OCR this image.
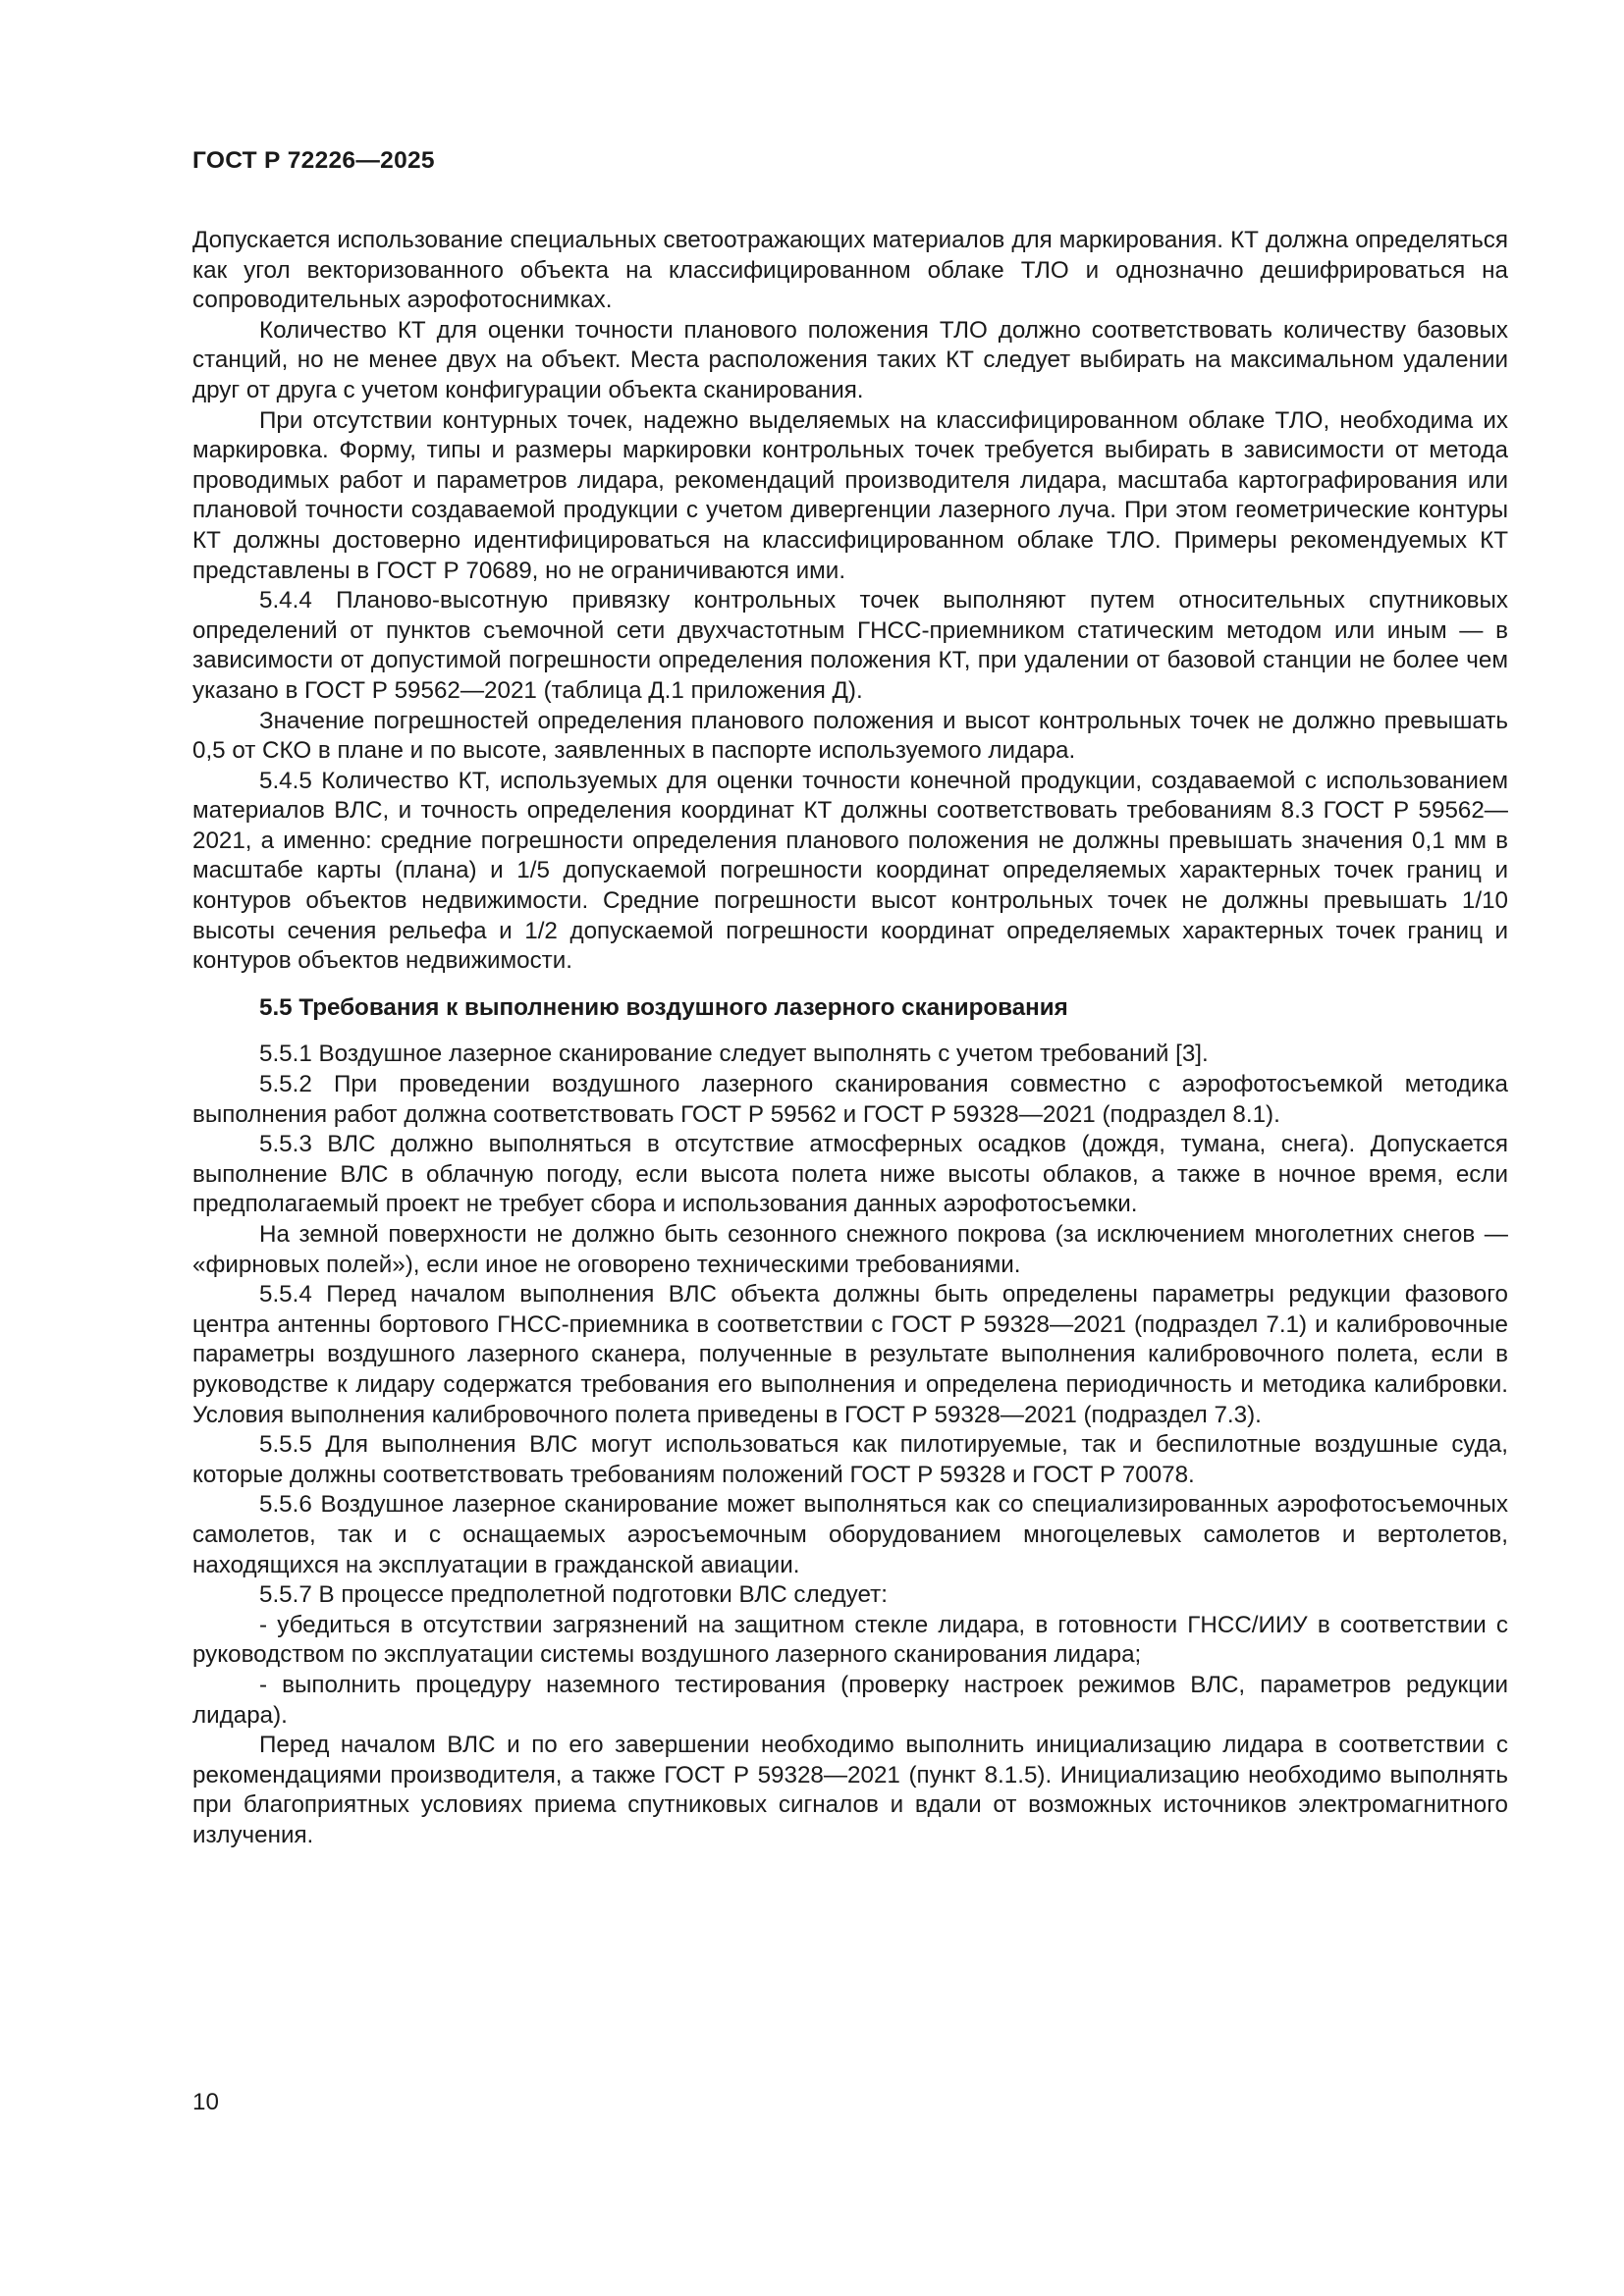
ГОСТ Р 72226—2025

Допускается использование специальных светоотражающих материалов для маркирования. КТ должна определяться как угол векторизованного объекта на классифицированном облаке ТЛО и однозначно дешифрироваться на сопроводительных аэрофотоснимках.

Количество КТ для оценки точности планового положения ТЛО должно соответствовать количеству базовых станций, но не менее двух на объект. Места расположения таких КТ следует выбирать на максимальном удалении друг от друга с учетом конфигурации объекта сканирования.

При отсутствии контурных точек, надежно выделяемых на классифицированном облаке ТЛО, необходима их маркировка. Форму, типы и размеры маркировки контрольных точек требуется выбирать в зависимости от метода проводимых работ и параметров лидара, рекомендаций производителя лидара, масштаба картографирования или плановой точности создаваемой продукции с учетом дивергенции лазерного луча. При этом геометрические контуры КТ должны достоверно идентифицироваться на классифицированном облаке ТЛО. Примеры рекомендуемых КТ представлены в ГОСТ Р 70689, но не ограничиваются ими.

5.4.4 Планово-высотную привязку контрольных точек выполняют путем относительных спутниковых определений от пунктов съемочной сети двухчастотным ГНСС-приемником статическим методом или иным — в зависимости от допустимой погрешности определения положения КТ, при удалении от базовой станции не более чем указано в ГОСТ Р 59562—2021 (таблица Д.1 приложения Д).

Значение погрешностей определения планового положения и высот контрольных точек не должно превышать 0,5 от СКО в плане и по высоте, заявленных в паспорте используемого лидара.

5.4.5 Количество КТ, используемых для оценки точности конечной продукции, создаваемой с использованием материалов ВЛС, и точность определения координат КТ должны соответствовать требованиям 8.3 ГОСТ Р 59562—2021, а именно: средние погрешности определения планового положения не должны превышать значения 0,1 мм в масштабе карты (плана) и 1/5 допускаемой погрешности координат определяемых характерных точек границ и контуров объектов недвижимости. Средние погрешности высот контрольных точек не должны превышать 1/10 высоты сечения рельефа и 1/2 допускаемой погрешности координат определяемых характерных точек границ и контуров объектов недвижимости.

5.5 Требования к выполнению воздушного лазерного сканирования

5.5.1 Воздушное лазерное сканирование следует выполнять с учетом требований [3].

5.5.2 При проведении воздушного лазерного сканирования совместно с аэрофотосъемкой методика выполнения работ должна соответствовать ГОСТ Р 59562 и ГОСТ Р 59328—2021 (подраздел 8.1).

5.5.3 ВЛС должно выполняться в отсутствие атмосферных осадков (дождя, тумана, снега). Допускается выполнение ВЛС в облачную погоду, если высота полета ниже высоты облаков, а также в ночное время, если предполагаемый проект не требует сбора и использования данных аэрофотосъемки.

На земной поверхности не должно быть сезонного снежного покрова (за исключением многолетних снегов — «фирновых полей»), если иное не оговорено техническими требованиями.

5.5.4 Перед началом выполнения ВЛС объекта должны быть определены параметры редукции фазового центра антенны бортового ГНСС-приемника в соответствии с ГОСТ Р 59328—2021 (подраздел 7.1) и калибровочные параметры воздушного лазерного сканера, полученные в результате выполнения калибровочного полета, если в руководстве к лидару содержатся требования его выполнения и определена периодичность и методика калибровки. Условия выполнения калибровочного полета приведены в ГОСТ Р 59328—2021 (подраздел 7.3).

5.5.5 Для выполнения ВЛС могут использоваться как пилотируемые, так и беспилотные воздушные суда, которые должны соответствовать требованиям положений ГОСТ Р 59328 и ГОСТ Р 70078.

5.5.6 Воздушное лазерное сканирование может выполняться как со специализированных аэрофотосъемочных самолетов, так и с оснащаемых аэросъемочным оборудованием многоцелевых самолетов и вертолетов, находящихся на эксплуатации в гражданской авиации.

5.5.7 В процессе предполетной подготовки ВЛС следует:

- убедиться в отсутствии загрязнений на защитном стекле лидара, в готовности ГНСС/ИИУ в соответствии с руководством по эксплуатации системы воздушного лазерного сканирования лидара;

- выполнить процедуру наземного тестирования (проверку настроек режимов ВЛС, параметров редукции лидара).

Перед началом ВЛС и по его завершении необходимо выполнить инициализацию лидара в соответствии с рекомендациями производителя, а также ГОСТ Р 59328—2021 (пункт 8.1.5). Инициализацию необходимо выполнять при благоприятных условиях приема спутниковых сигналов и вдали от возможных источников электромагнитного излучения.

10
